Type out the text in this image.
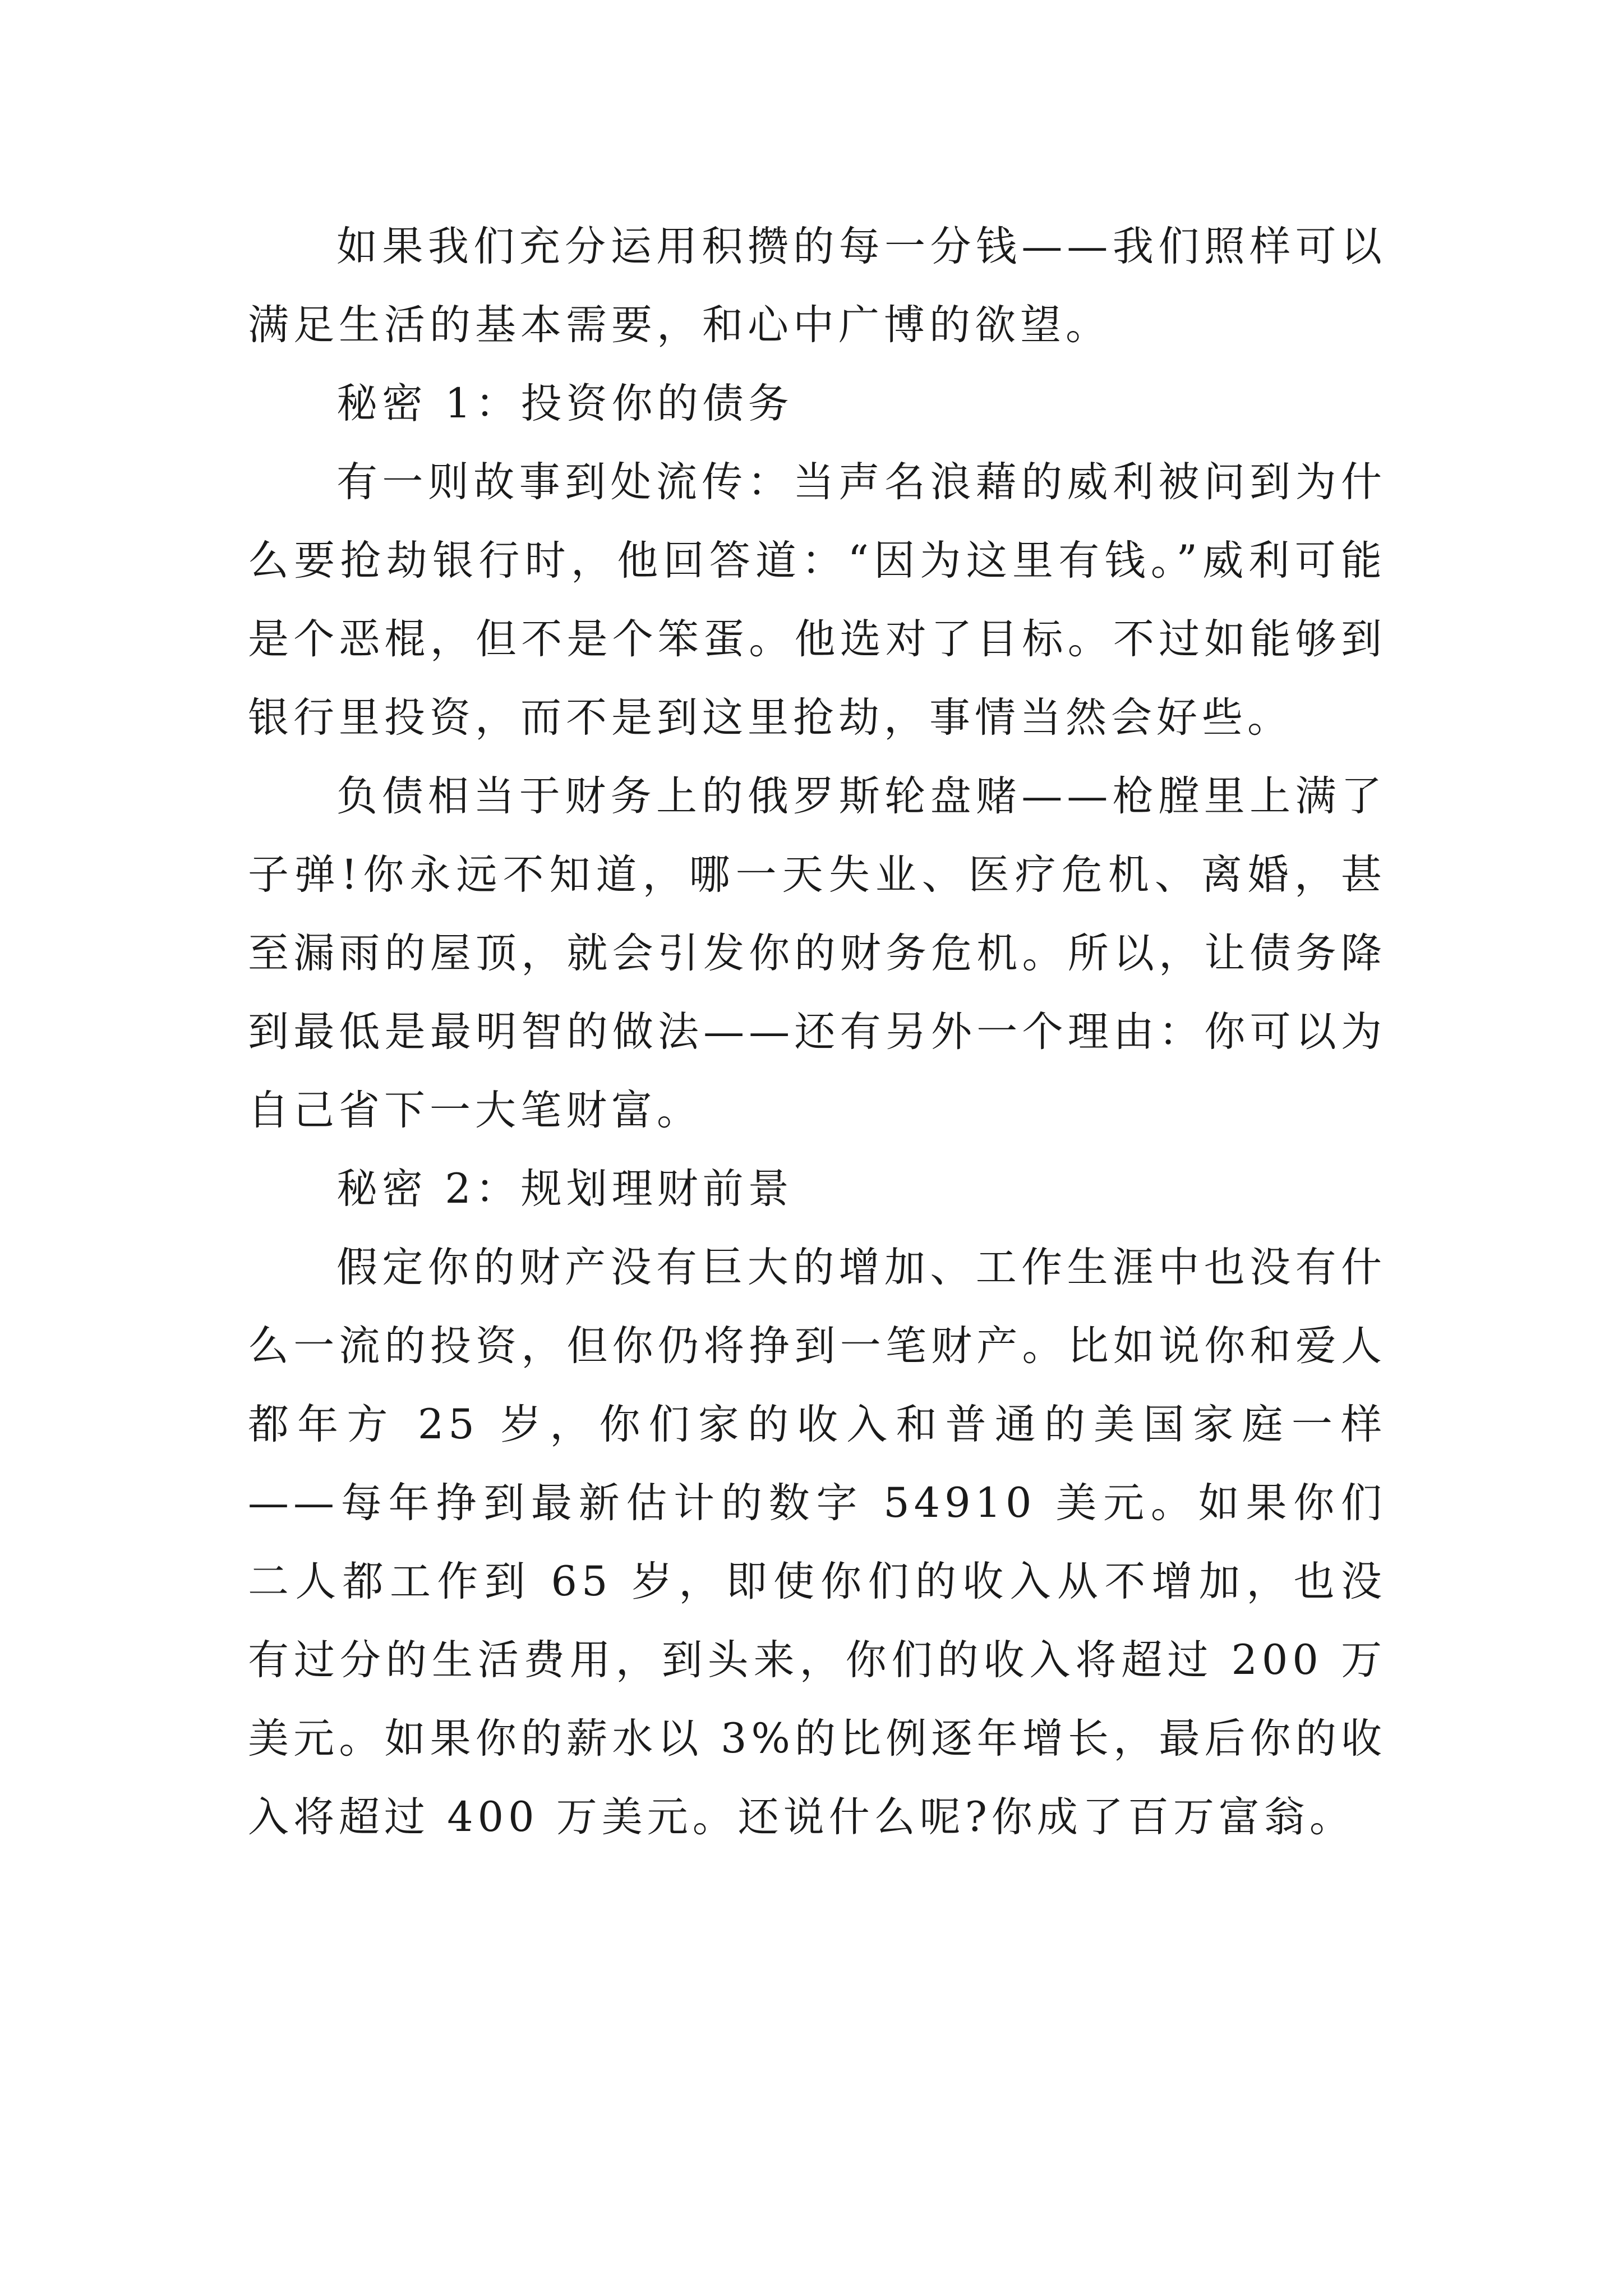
如果我们充分运用积攒的每一分钱——我们照样可以满足生活的基本需要，和心中广博的欲望。

秘密 1：投资你的债务

有一则故事到处流传：当声名浪藉的威利被问到为什么要抢劫银行时，他回答道：“因为这里有钱。”威利可能是个恶棍，但不是个笨蛋。他选对了目标。不过如能够到银行里投资，而不是到这里抢劫，事情当然会好些。

负债相当于财务上的俄罗斯轮盘赌——枪膛里上满了子弹!你永远不知道，哪一天失业、医疗危机、离婚，甚至漏雨的屋顶，就会引发你的财务危机。所以，让债务降到最低是最明智的做法——还有另外一个理由：你可以为自己省下一大笔财富。

秘密 2：规划理财前景

假定你的财产没有巨大的增加、工作生涯中也没有什么一流的投资，但你仍将挣到一笔财产。比如说你和爱人都年方 25 岁，你们家的收入和普通的美国家庭一样——每年挣到最新估计的数字 54910 美元。如果你们二人都工作到 65 岁，即使你们的收入从不增加，也没有过分的生活费用，到头来，你们的收入将超过 200 万美元。如果你的薪水以 3%的比例逐年增长，最后你的收入将超过 400 万美元。还说什么呢?你成了百万富翁。
